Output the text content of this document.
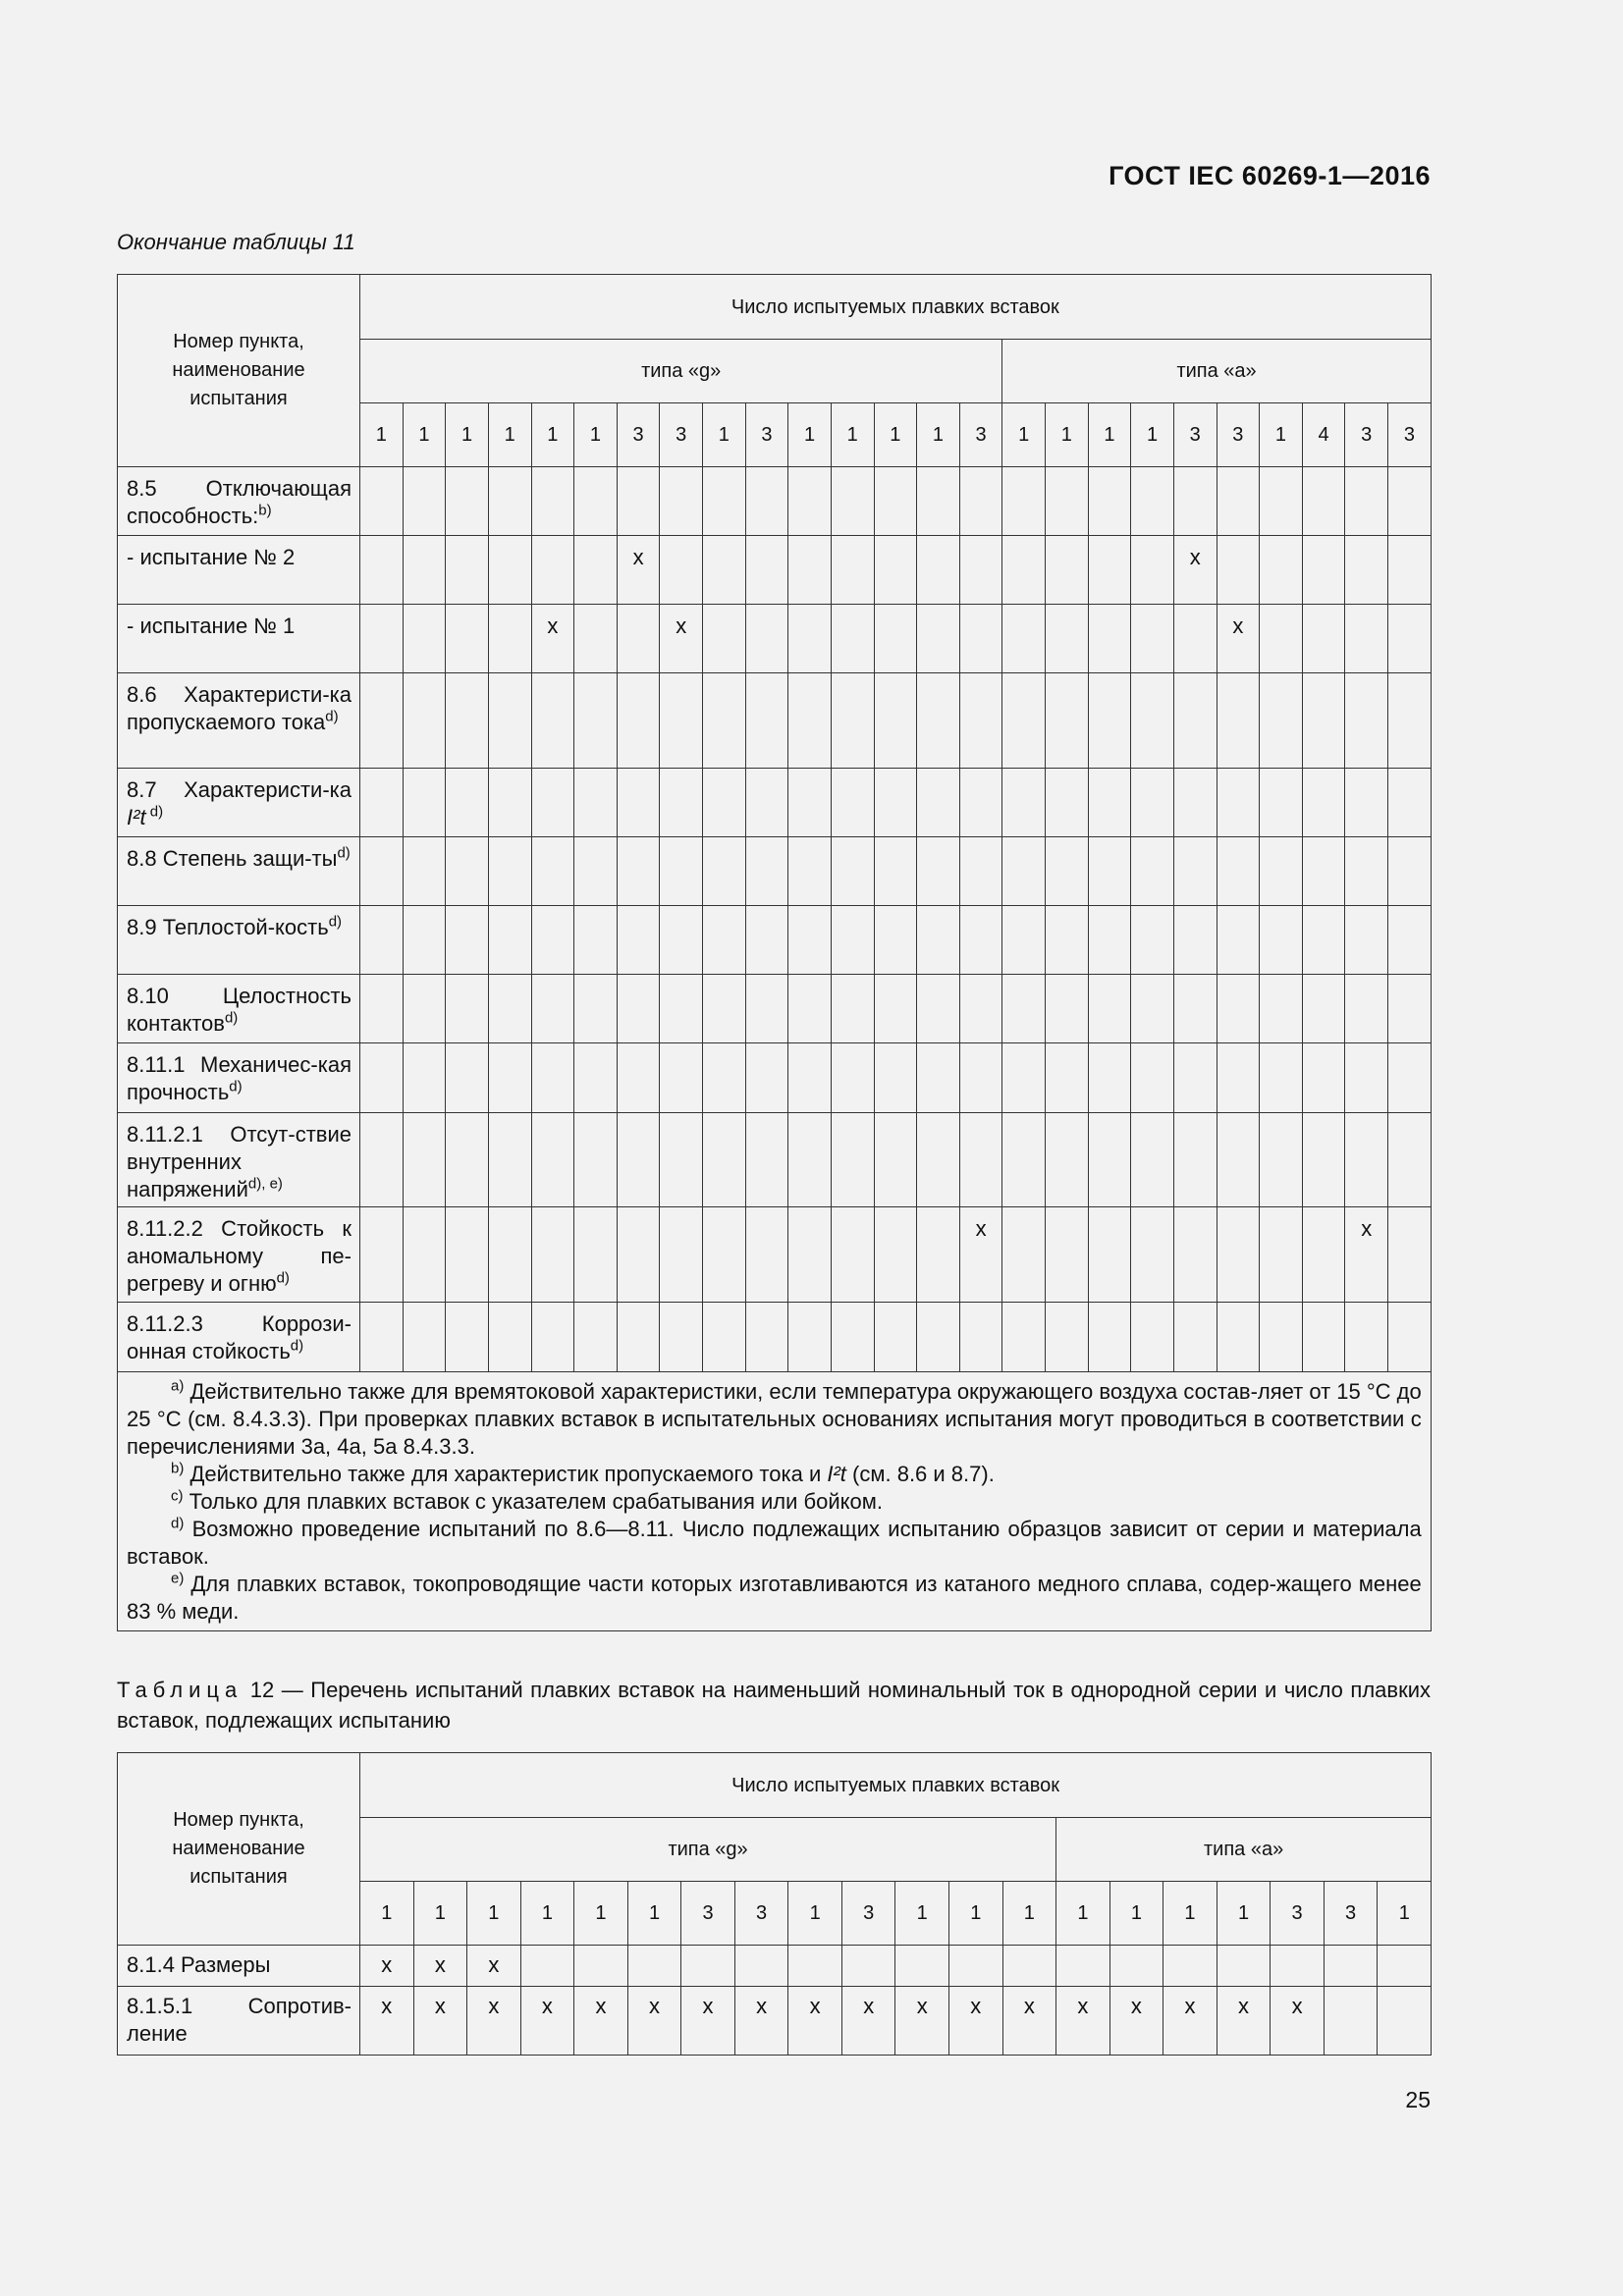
ГОСТ IEC 60269-1—2016
Окончание таблицы 11
Номер пункта, наименование испытания	Число испытуемых плавких вставок																								
	типа «g»															типа «a»									
	1	1	1	1	1	1	3	3	1	3	1	1	1	1	3	1	1	1	1	3	3	1	4	3	3
8.5 Отключающая способность:$^{b)}$																									
- испытание № 2							x													x					
- испытание № 1					x			x													x				
8.6 Характеристи-ка пропускаемого тока$^{d)}$																									
8.7 Характеристи-ка I²t $^{d)}$																									
8.8 Степень защи-$ты^{d)}$																									
8.9 Теплостой-кость$^{d)}$																									
8.10 Целостность контактов$^{d)}$																									
8.11.1 Механичес-кая прочность$^{d)}$																									
8.11.2.1 Отсут-ствие внутренних напряжений$^{d), e)}$																									
8.11.2.2 Стойкость к аномальному пе-регреву и огню$^{d)}$															x									x	
8.11.2.3 Коррози-онная стойкость$^{d)}$																									

$^{a)}$ Действительно также для времятоковой характеристики, если температура окружающего воздуха состав-ляет от 15 °С до 25 °С (см. 8.4.3.3). При проверках плавких вставок в испытательных основаниях испытания могут проводиться в соответствии с перечислениями 3а, 4а, 5а 8.4.3.3.

$^{b)}$ Действительно также для характеристик пропускаемого тока и I²t (см. 8.6 и 8.7).

$^{c)}$ Только для плавких вставок с указателем срабатывания или бойком.

$^{d)}$ Возможно проведение испытаний по 8.6—8.11. Число подлежащих испытанию образцов зависит от серии и материала вставок.

$^{e)}$ Для плавких вставок, токопроводящие части которых изготавливаются из катаного медного сплава, содер-жащего менее 83 % меди.																									

Таблица 12 — Перечень испытаний плавких вставок на наименьший номинальный ток в однородной серии и число плавких вставок, подлежащих испытанию
Номер пункта, наименование испытания	Число испытуемых плавких вставок																			
	типа «g»													типа «a»						
	1	1	1	1	1	1	3	3	1	3	1	1	1	1	1	1	1	3	3	1
8.1.4 Размеры	x	x	x																	
8.1.5.1 Сопротив-ление	x	x	x	x	x	x	x	x	x	x	x	x	x	x	x	x	x	x		
25
